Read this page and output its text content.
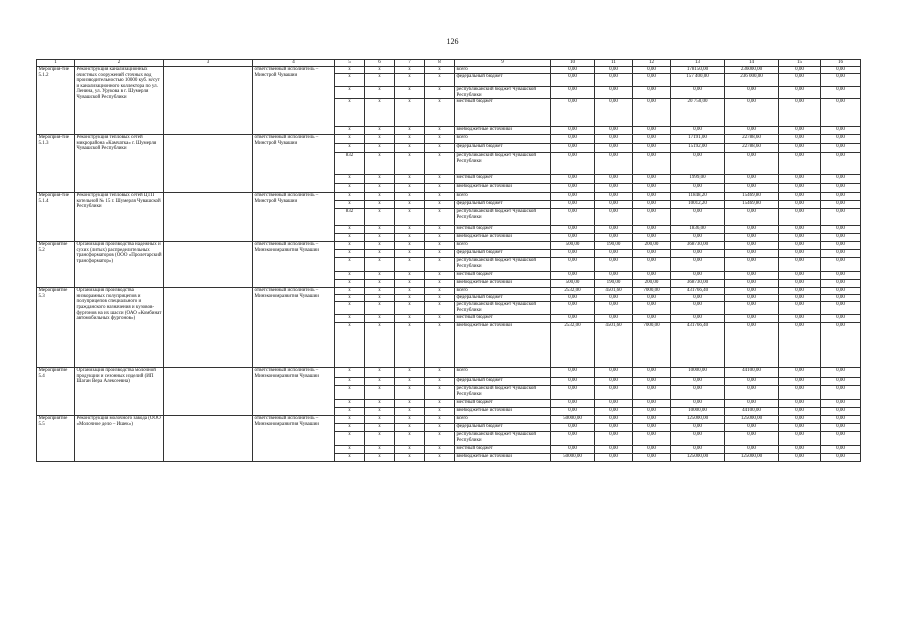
126
1	2	3	4	5	6	7	8	9	10	11	12	13	14	15	16
Мероприя-тие 5.1.2	Реконструкция канализационных очистных сооружений сточных вод производительностью 10000 куб. м/сут и канализационного коллектора по ул. Ленина, ул. Урукова в г. Шумерля Чувашской Республики		ответственный исполнитель – Минстрой Чувашии	x	x	x	x	всего	0,00	0,00	0,00	178150,00	236000,00	0,00	0,00
				x	x	x	x	федеральный бюджет	0,00	0,00	0,00	157 400,00	236 000,00	0,00	0,00
				x	x	x	x	республиканский бюджет Чувашской Республики	0,00	0,00	0,00	0,00	0,00	0,00	0,00
				x	x	x	x	местный бюджет	0,00	0,00	0,00	20 750,00	0,00	0,00	0,00
				x	x	x	x	внебюджетные источники	0,00	0,00	0,00	0,00	0,00	0,00	0,00
Мероприя-тие 5.1.3	Реконструкция тепловых сетей микрорайона «Камчатка» г. Шумерля Чувашской Республики		ответственный исполнитель – Минстрой Чувашии	x	x	x	x	всего	0,00	0,00	0,00	17191,00	22788,60	0,00	0,00
				x	x	x	x	федеральный бюджет	0,00	0,00	0,00	15192,00	22788,60	0,00	0,00
				832	x	x	x	республиканский бюджет Чувашской Республики	0,00	0,00	0,00	0,00	0,00	0,00	0,00
				x	x	x	x	местный бюджет	0,00	0,00	0,00	1999,00	0,00	0,00	0,00
				x	x	x	x	внебюджетные источники	0,00	0,00	0,00	0,00	0,00	0,00	0,00
Мероприя-тие 5.1.4	Реконструкция тепловых сетей ЦТП котельной № 15 г. Шумерля Чувашской Республики		ответственный исполнитель – Минстрой Чувашии	x	x	x	x	всего	0,00	0,00	0,00	11848,20	15469,80	0,00	0,00
				x	x	x	x	федеральный бюджет	0,00	0,00	0,00	10012,20	15469,80	0,00	0,00
				832	x	x	x	республиканский бюджет Чувашской Республики	0,00	0,00	0,00	0,00	0,00	0,00	0,00
				x	x	x	x	местный бюджет	0,00	0,00	0,00	1836,00	0,00	0,00	0,00
				x	x	x	x	внебюджетные источники	0,00	0,00	0,00	0,00	0,00	0,00	0,00
Мероприятие 5.2	Организация производства надежных и сухих (литых) распределительных трансформаторов (ООО «Пролетарский трансформатор»)		ответственный исполнитель – Минэкономразвития Чувашии	x	x	x	x	всего	500,00	190,00	200,00	368730,00	0,00	0,00	0,00
				x	x	x	x	федеральный бюджет	0,00	0,00	0,00	0,00	0,00	0,00	0,00
				x	x	x	x	республиканский бюджет Чувашской Республики	0,00	0,00	0,00	0,00	0,00	0,00	0,00
				x	x	x	x	местный бюджет	0,00	0,00	0,00	0,00	0,00	0,00	0,00
				x	x	x	x	внебюджетные источники	500,00	190,00	200,00	368730,00	0,00	0,00	0,00
Мероприятие 5.3	Организация производства низкорамных полуприцепов и полуприцепов специального и гражданского назначения и кузовов-фургонов на их шасси (ОАО «Комбинат автомобильных фургонов»)		ответственный исполнитель – Минэкономразвития Чувашии	x	x	x	x	всего	2532,00	4501,60	7000,00	431766,40	0,00	0,00	0,00
				x	x	x	x	федеральный бюджет	0,00	0,00	0,00	0,00	0,00	0,00	0,00
				x	x	x	x	республиканский бюджет Чувашской Республики	0,00	0,00	0,00	0,00	0,00	0,00	0,00
				x	x	x	x	местный бюджет	0,00	0,00	0,00	0,00	0,00	0,00	0,00
				x	x	x	x	внебюджетные источники	2532,00	4501,60	7000,00	431766,40	0,00	0,00	0,00
Мероприятие 5.4	Организация производства молочной продукции и сезонных изделий (ИП Шаган Вера Алексеевна)		ответственный исполнитель – Минэкономразвития Чувашии	x	x	x	x	всего	0,00	0,00	0,00	10000,00	44100,00	0,00	0,00
				x	x	x	x	федеральный бюджет	0,00	0,00	0,00	0,00	0,00	0,00	0,00
				x	x	x	x	республиканский бюджет Чувашской Республики	0,00	0,00	0,00	0,00	0,00	0,00	0,00
				x	x	x	x	местный бюджет	0,00	0,00	0,00	0,00	0,00	0,00	0,00
				x	x	x	x	внебюджетные источники	0,00	0,00	0,00	10000,00	44100,00	0,00	0,00
Мероприятие 5.5	Реконструкция молочного завода (ООО «Молочное дело – Ишек»)		ответственный исполнитель – Минэкономразвития Чувашии	x	x	x	x	всего	50000,00	0,00	0,00	125000,00	125000,00	0,00	0,00
				x	x	x	x	федеральный бюджет	0,00	0,00	0,00	0,00	0,00	0,00	0,00
				x	x	x	x	республиканский бюджет Чувашской Республики	0,00	0,00	0,00	0,00	0,00	0,00	0,00
				x	x	x	x	местный бюджет	0,00	0,00	0,00	0,00	0,00	0,00	0,00
				x	x	x	x	внебюджетные источники	50000,00	0,00	0,00	125000,00	125000,00	0,00	0,00
